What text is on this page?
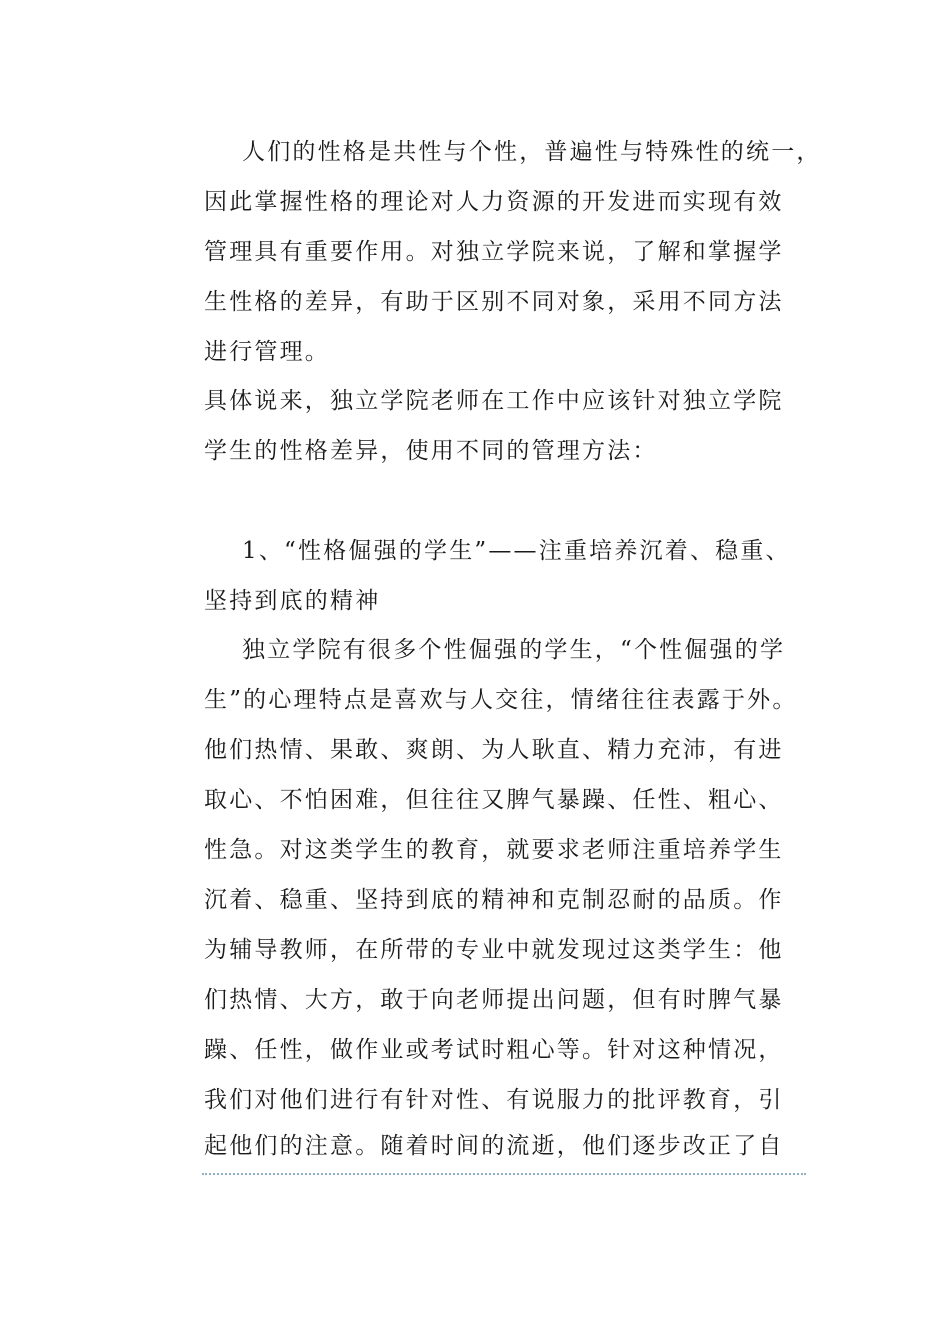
人们的性格是共性与个性，普遍性与特殊性的统一，
因此掌握性格的理论对人力资源的开发进而实现有效
管理具有重要作用。对独立学院来说，了解和掌握学
生性格的差异，有助于区别不同对象，采用不同方法
进行管理。
具体说来，独立学院老师在工作中应该针对独立学院
学生的性格差异，使用不同的管理方法：
1、“性格倔强的学生”——注重培养沉着、稳重、
坚持到底的精神
独立学院有很多个性倔强的学生，“个性倔强的学
生”的心理特点是喜欢与人交往，情绪往往表露于外。
他们热情、果敢、爽朗、为人耿直、精力充沛，有进
取心、不怕困难，但往往又脾气暴躁、任性、粗心、
性急。对这类学生的教育，就要求老师注重培养学生
沉着、稳重、坚持到底的精神和克制忍耐的品质。作
为辅导教师，在所带的专业中就发现过这类学生：他
们热情、大方，敢于向老师提出问题，但有时脾气暴
躁、任性，做作业或考试时粗心等。针对这种情况，
我们对他们进行有针对性、有说服力的批评教育，引
起他们的注意。随着时间的流逝，他们逐步改正了自
